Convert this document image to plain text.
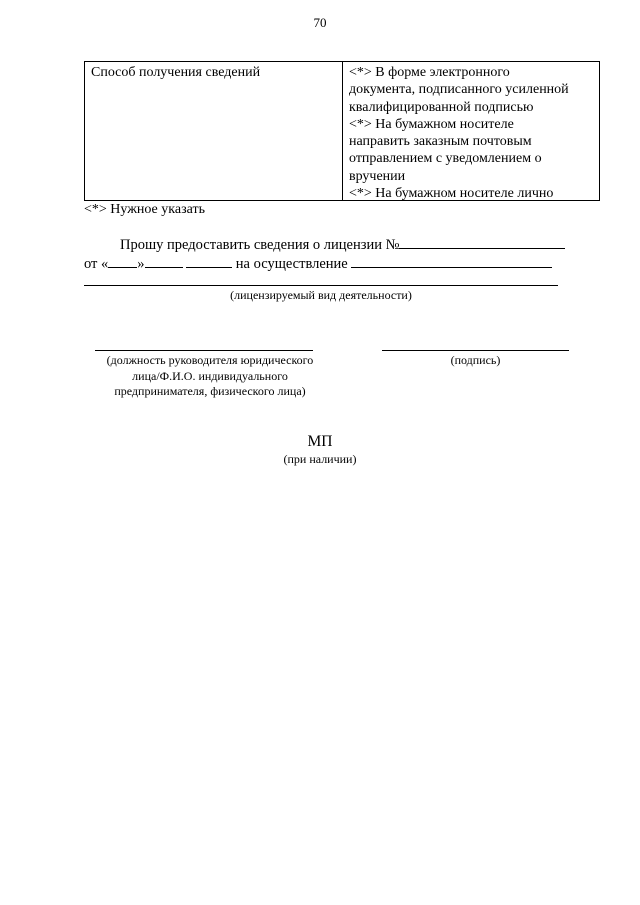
70
Способ получения сведений	<*> В форме электронного
документа, подписанного усиленной
квалифицированной подписью
<*> На бумажном носителе
направить заказным почтовым
отправлением с уведомлением о
вручении
<*> На бумажном носителе лично
<*> Нужное указать
Прошу предоставить сведения о лицензии №
от « »	на осуществление
(лицензируемый вид деятельности)
(должность руководителя юридического
лица/Ф.И.О. индивидуального
предпринимателя, физического лица)
(подпись)
МП
(при наличии)
